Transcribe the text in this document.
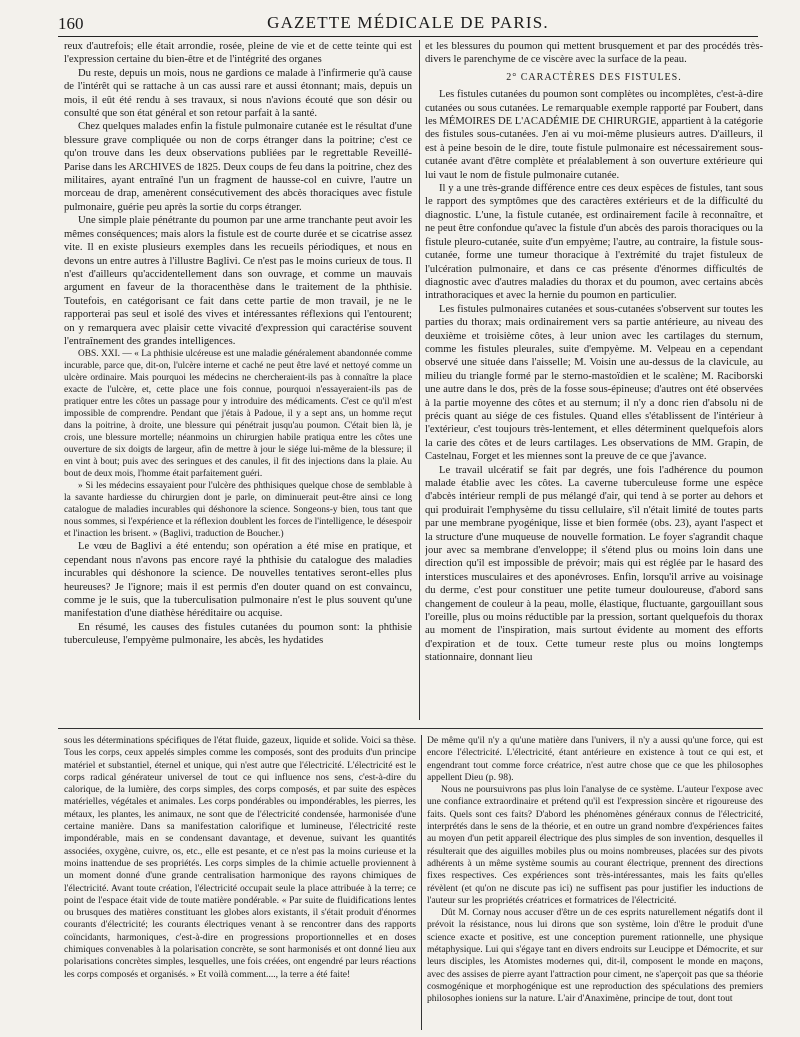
160	GAZETTE MÉDICALE DE PARIS.

reux d'autrefois; elle était arrondie, rosée, pleine de vie et de cette teinte qui est l'expression certaine du bien-être et de l'intégrité des organes

Du reste, depuis un mois, nous ne gardions ce malade à l'infirmerie qu'à cause de l'intérêt qui se rattache à un cas aussi rare et aussi étonnant; mais, depuis un mois, il eût été rendu à ses travaux, si nous n'avions écouté que son désir ou consulté que son état général et son retour parfait à la santé.

Chez quelques malades enfin la fistule pulmonaire cutanée est le résultat d'une blessure grave compliquée ou non de corps étranger dans la poitrine; c'est ce qu'on trouve dans les deux observations publiées par le regrettable Reveillé-Parise dans les ARCHIVES de 1825. Deux coups de feu dans la poitrine, chez des militaires, ayant entraîné l'un un fragment de hausse-col en cuivre, l'autre un morceau de drap, amenèrent consécutivement des abcès thoraciques avec fistule pulmonaire, guérie peu après la sortie du corps étranger.

Une simple plaie pénétrante du poumon par une arme tranchante peut avoir les mêmes conséquences; mais alors la fistule est de courte durée et se cicatrise assez vite. Il en existe plusieurs exemples dans les recueils périodiques, et nous en devons un entre autres à l'illustre Baglivi. Ce n'est pas le moins curieux de tous. Il n'est d'ailleurs qu'accidentellement dans son ouvrage, et comme un mauvais argument en faveur de la thoracenthèse dans le traitement de la phthisie. Toutefois, en catégorisant ce fait dans cette partie de mon travail, je ne le rapporterai pas seul et isolé des vives et intéressantes réflexions qui l'entourent; on y remarquera avec plaisir cette vivacité d'expression qui caractérise souvent l'entraînement des grandes intelligences.

OBS. XXI. — « La phthisie ulcéreuse est une maladie généralement abandonnée comme incurable, parce que, dit-on, l'ulcère interne et caché ne peut être lavé et nettoyé comme un ulcère ordinaire. Mais pourquoi les médecins ne chercheraient-ils pas à connaître la place exacte de l'ulcère, et, cette place une fois connue, pourquoi n'essayeraient-ils pas de pratiquer entre les côtes un passage pour y introduire des médicaments. C'est ce qu'il m'est impossible de comprendre. Pendant que j'étais à Padoue, il y a sept ans, un homme reçut dans la poitrine, à droite, une blessure qui pénétrait jusqu'au poumon. C'était bien là, je crois, une blessure mortelle; néanmoins un chirurgien habile pratiqua entre les côtes une ouverture de six doigts de largeur, afin de mettre à jour le siége lui-même de la blessure; il en vint à bout; puis avec des seringues et des canules, il fit des injections dans la plaie. Au bout de deux mois, l'homme était parfaitement guéri.

» Si les médecins essayaient pour l'ulcère des phthisiques quelque chose de semblable à la savante hardiesse du chirurgien dont je parle, on diminuerait peut-être ainsi ce long catalogue de maladies incurables qui déshonore la science. Songeons-y bien, tous tant que nous sommes, si l'expérience et la réflexion doublent les forces de l'intelligence, le désespoir et l'inaction les brisent. » (Baglivi, traduction de Boucher.)

Le vœu de Baglivi a été entendu; son opération a été mise en pratique, et cependant nous n'avons pas encore rayé la phthisie du catalogue des maladies incurables qui déshonore la science. De nouvelles tentatives seront-elles plus heureuses? Je l'ignore; mais il est permis d'en douter quand on est convaincu, comme je le suis, que la tuberculisation pulmonaire n'est le plus souvent qu'une manifestation d'une diathèse héréditaire ou acquise.

En résumé, les causes des fistules cutanées du poumon sont: la phthisie tuberculeuse, l'empyème pulmonaire, les abcès, les hydatides

et les blessures du poumon qui mettent brusquement et par des procédés très-divers le parenchyme de ce viscère avec la surface de la peau.

2° CARACTÈRES DES FISTULES.

Les fistules cutanées du poumon sont complètes ou incomplètes, c'est-à-dire cutanées ou sous cutanées. Le remarquable exemple rapporté par Foubert, dans les MÉMOIRES DE L'ACADÉMIE DE CHIRURGIE, appartient à la catégorie des fistules sous-cutanées. J'en ai vu moi-même plusieurs autres. D'ailleurs, il est à peine besoin de le dire, toute fistule pulmonaire est nécessairement sous-cutanée avant d'être complète et préalablement à son ouverture extérieure qui lui vaut le nom de fistule pulmonaire cutanée.

Il y a une très-grande différence entre ces deux espèces de fistules, tant sous le rapport des symptômes que des caractères extérieurs et de la difficulté du diagnostic. L'une, la fistule cutanée, est ordinairement facile à reconnaître, et ne peut être confondue qu'avec la fistule d'un abcès des parois thoraciques ou la fistule pleuro-cutanée, suite d'un empyème; l'autre, au contraire, la fistule sous-cutanée, forme une tumeur thoracique à l'extrémité du trajet fistuleux de l'ulcération pulmonaire, et dans ce cas présente d'énormes difficultés de diagnostic avec d'autres maladies du thorax et du poumon, avec certains abcès intrathoraciques et avec la hernie du poumon en particulier.

Les fistules pulmonaires cutanées et sous-cutanées s'observent sur toutes les parties du thorax; mais ordinairement vers sa partie antérieure, au niveau des deuxième et troisième côtes, à leur union avec les cartilages du sternum, comme les fistules pleurales, suite d'empyème. M. Velpeau en a cependant observé une située dans l'aisselle; M. Voisin une au-dessus de la clavicule, au milieu du triangle formé par le sterno-mastoïdien et le scalène; M. Raciborski une autre dans le dos, près de la fosse sous-épineuse; d'autres ont été observées à la partie moyenne des côtes et au sternum; il n'y a donc rien d'absolu ni de précis quant au siége de ces fistules. Quand elles s'établissent de l'intérieur à l'extérieur, c'est toujours très-lentement, et elles déterminent quelquefois alors la carie des côtes et de leurs cartilages. Les observations de MM. Grapin, de Castelnau, Forget et les miennes sont la preuve de ce que j'avance.

Le travail ulcératif se fait par degrés, une fois l'adhérence du poumon malade établie avec les côtes. La caverne tuberculeuse forme une espèce d'abcès intérieur rempli de pus mélangé d'air, qui tend à se porter au dehors et qui produirait l'emphysème du tissu cellulaire, s'il n'était limité de toutes parts par une membrane pyogénique, lisse et bien formée (obs. 23), ayant l'aspect et la structure d'une muqueuse de nouvelle formation. Le foyer s'agrandit chaque jour avec sa membrane d'enveloppe; il s'étend plus ou moins loin dans une direction qu'il est impossible de prévoir; mais qui est réglée par le hasard des interstices musculaires et des aponévroses. Enfin, lorsqu'il arrive au voisinage du derme, c'est pour constituer une petite tumeur douloureuse, d'abord sans changement de couleur à la peau, molle, élastique, fluctuante, gargouillant sous l'oreille, plus ou moins réductible par la pression, sortant quelquefois du thorax au moment de l'inspiration, mais surtout évidente au moment des efforts d'expiration et de toux. Cette tumeur reste plus ou moins longtemps stationnaire, donnant lieu

sous les déterminations spécifiques de l'état fluide, gazeux, liquide et solide. Voici sa thèse. Tous les corps, ceux appelés simples comme les composés, sont des produits d'un principe matériel et substantiel, éternel et unique, qui n'est autre que l'électricité. L'électricité est le corps radical générateur universel de tout ce qui influence nos sens, c'est-à-dire du calorique, de la lumière, des corps simples, des corps composés, et par suite des espèces matérielles, végétales et animales. Les corps pondérables ou impondérables, les pierres, les métaux, les plantes, les animaux, ne sont que de l'électricité condensée, harmonisée d'une certaine manière. Dans sa manifestation calorifique et lumineuse, l'électricité reste impondérable, mais en se condensant davantage, et devenue, suivant les quantités associées, oxygène, cuivre, os, etc., elle est pesante, et ce n'est pas la moins curieuse et la moins inattendue de ses propriétés. Les corps simples de la chimie actuelle proviennent à un moment donné d'une grande centralisation harmonique des rayons chimiques de l'électricité. Avant toute création, l'électricité occupait seule la place attribuée à la terre; ce point de l'espace était vide de toute matière pondérable. « Par suite de fluidifications lentes ou brusques des matières constituant les globes alors existants, il s'était produit d'énormes courants d'électricité; les courants électriques venant à se rencontrer dans des rapports coïncidants, harmoniques, c'est-à-dire en progressions proportionnelles et en doses chimiques convenables à la polarisation concrète, se sont harmonisés et ont donné lieu aux polarisations concrètes simples, lesquelles, une fois créées, ont engendré par leurs réactions les corps composés et organisés. » Et voilà comment...., la terre a été faite!

De même qu'il n'y a qu'une matière dans l'univers, il n'y a aussi qu'une force, qui est encore l'électricité. L'électricité, étant antérieure en existence à tout ce qui est, et engendrant tout comme force créatrice, n'est autre chose que ce que les philosophes appellent Dieu (p. 98).

Nous ne poursuivrons pas plus loin l'analyse de ce système. L'auteur l'expose avec une confiance extraordinaire et prétend qu'il est l'expression sincère et rigoureuse des faits. Quels sont ces faits? D'abord les phénomènes généraux connus de l'électricité, interprétés dans le sens de la théorie, et en outre un grand nombre d'expériences faites au moyen d'un petit appareil électrique des plus simples de son invention, desquelles il résulterait que des aiguilles mobiles plus ou moins nombreuses, placées sur des pivots adhérents à un même système soumis au courant électrique, prennent des directions fixes respectives. Ces expériences sont très-intéressantes, mais les faits qu'elles révèlent (et qu'on ne discute pas ici) ne suffisent pas pour justifier les inductions de l'auteur sur les propriétés créatrices et formatrices de l'électricité.

Dût M. Cornay nous accuser d'être un de ces esprits naturellement négatifs dont il prévoit la résistance, nous lui dirons que son système, loin d'être le produit d'une science exacte et positive, est une conception purement rationnelle, une physique métaphysique. Lui qui s'égaye tant en divers endroits sur Leucippe et Démocrite, et sur leurs disciples, les Atomistes modernes qui, dit-il, composent le monde en maçons, avec des assises de pierre ayant l'attraction pour ciment, ne s'aperçoit pas que sa théorie cosmogénique et morphogénique est une reproduction des spéculations des premiers philosophes ioniens sur la nature. L'air d'Anaximène, principe de tout, dont tout
